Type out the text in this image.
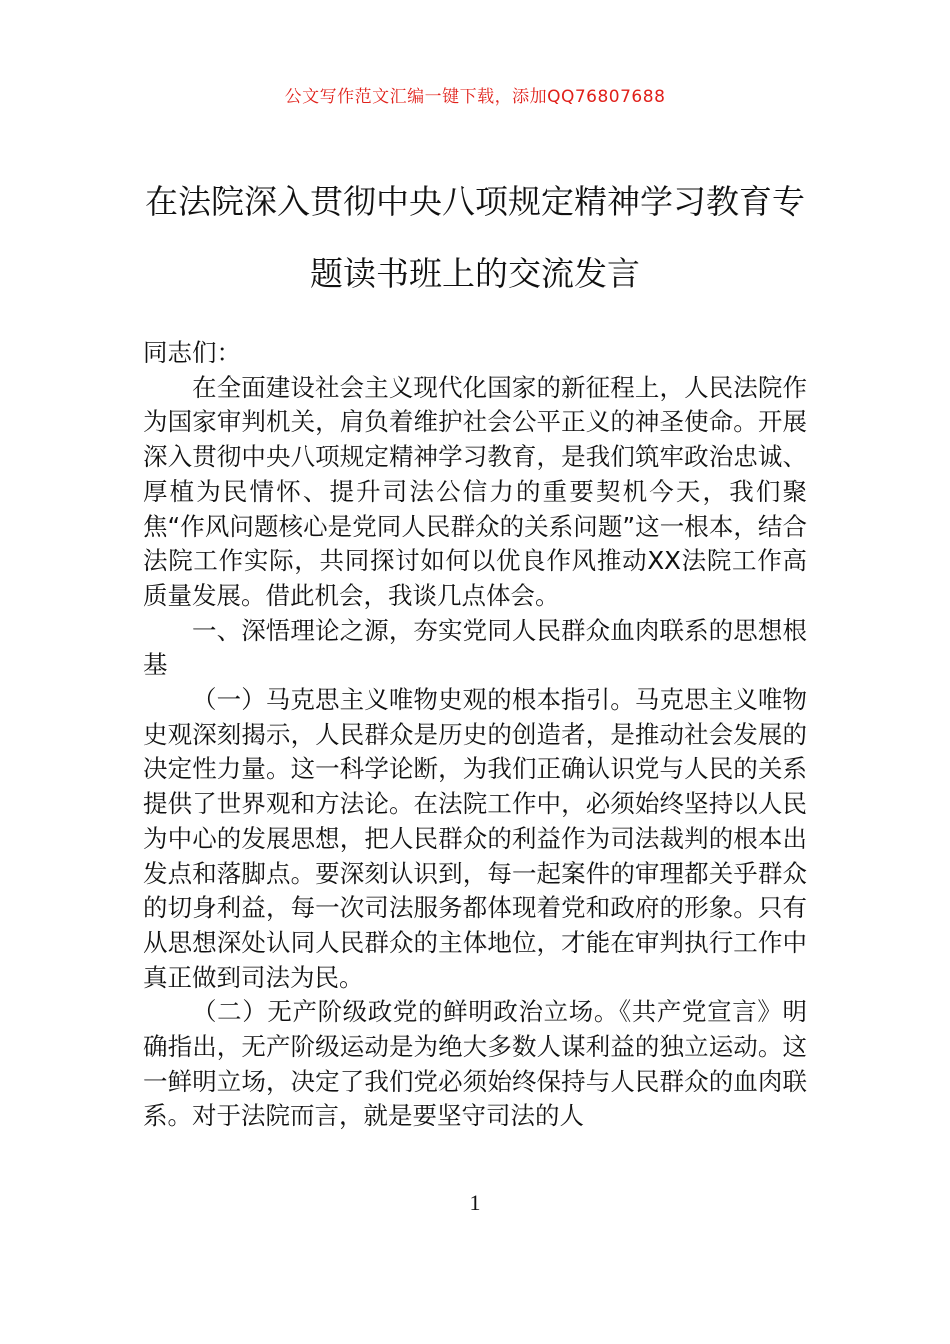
公文写作范文汇编一键下载，添加QQ76807688
在法院深入贯彻中央八项规定精神学习教育专题读书班上的交流发言

同志们：

在全面建设社会主义现代化国家的新征程上，人民法院作为国家审判机关，肩负着维护社会公平正义的神圣使命。开展深入贯彻中央八项规定精神学习教育，是我们筑牢政治忠诚、厚植为民情怀、提升司法公信力的重要契机今天，我们聚焦“作风问题核心是党同人民群众的关系问题”这一根本，结合法院工作实际，共同探讨如何以优良作风推动XX法院工作高质量发展。借此机会，我谈几点体会。

一、深悟理论之源，夯实党同人民群众血肉联系的思想根基

（一）马克思主义唯物史观的根本指引。马克思主义唯物史观深刻揭示，人民群众是历史的创造者，是推动社会发展的决定性力量。这一科学论断，为我们正确认识党与人民的关系提供了世界观和方法论。在法院工作中，必须始终坚持以人民为中心的发展思想，把人民群众的利益作为司法裁判的根本出发点和落脚点。要深刻认识到，每一起案件的审理都关乎群众的切身利益，每一次司法服务都体现着党和政府的形象。只有从思想深处认同人民群众的主体地位，才能在审判执行工作中真正做到司法为民。

（二）无产阶级政党的鲜明政治立场。《共产党宣言》明确指出，无产阶级运动是为绝大多数人谋利益的独立运动。这一鲜明立场，决定了我们党必须始终保持与人民群众的血肉联系。对于法院而言，就是要坚守司法的人

1
